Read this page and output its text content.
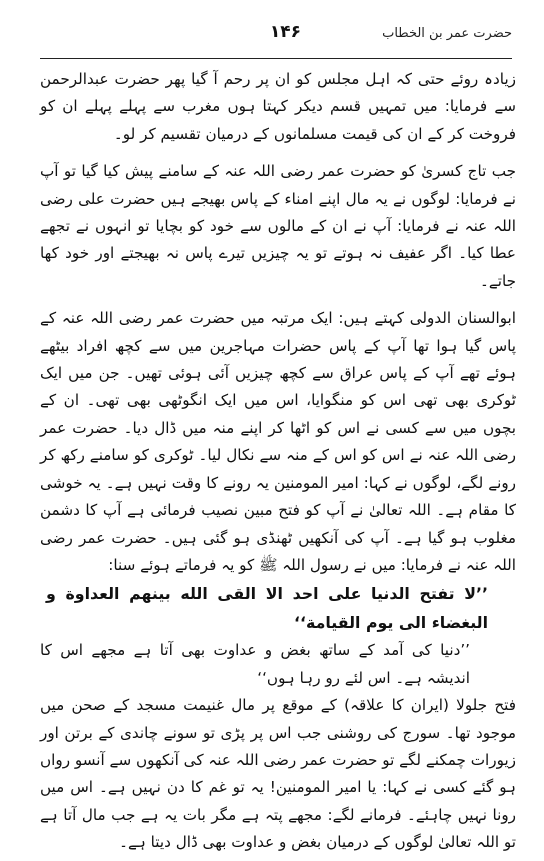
حضرت عمر بن الخطاب
۱۴۶

زیادہ روئے حتی کہ اہل مجلس کو ان پر رحم آ گیا پھر حضرت عبدالرحمن سے فرمایا: میں تمہیں قسم دیکر کہتا ہوں مغرب سے پہلے پہلے ان کو فروخت کر کے ان کی قیمت مسلمانوں کے درمیان تقسیم کر لو۔

جب تاج کسریٰ کو حضرت عمر رضی اللہ عنہ کے سامنے پیش کیا گیا تو آپ نے فرمایا: لوگوں نے یہ مال اپنے امناء کے پاس بھیجے ہیں حضرت علی رضی اللہ عنہ نے فرمایا: آپ نے ان کے مالوں سے خود کو بچایا تو انہوں نے تجھے عطا کیا۔ اگر عفیف نہ ہوتے تو یہ چیزیں تیرے پاس نہ بھیجتے اور خود کھا جاتے۔

ابوالسنان الدولی کہتے ہیں: ایک مرتبہ میں حضرت عمر رضی اللہ عنہ کے پاس گیا ہوا تھا آپ کے پاس حضرات مہاجرین میں سے کچھ افراد بیٹھے ہوئے تھے آپ کے پاس عراق سے کچھ چیزیں آئی ہوئی تھیں۔ جن میں ایک ٹوکری بھی تھی اس کو منگوایا، اس میں ایک انگوٹھی بھی تھی۔ ان کے بچوں میں سے کسی نے اس کو اٹھا کر اپنے منہ میں ڈال دیا۔ حضرت عمر رضی اللہ عنہ نے اس کو اس کے منہ سے نکال لیا۔ ٹوکری کو سامنے رکھ کر رونے لگے، لوگوں نے کہا: امیر المومنین یہ رونے کا وقت نہیں ہے۔ یہ خوشی کا مقام ہے۔ اللہ تعالیٰ نے آپ کو فتح مبین نصیب فرمائی ہے آپ کا دشمن مغلوب ہو گیا ہے۔ آپ کی آنکھیں ٹھنڈی ہو گئی ہیں۔ حضرت عمر رضی اللہ عنہ نے فرمایا: میں نے رسول اللہ ﷺ کو یہ فرماتے ہوئے سنا:

’’لا تفتح الدنيا على احد الا القى الله بينهم العداوة و البغضاء الى يوم القيامة‘‘

’’دنیا کی آمد کے ساتھ بغض و عداوت بھی آتا ہے مجھے اس کا اندیشہ ہے۔ اس لئے رو رہا ہوں‘‘

فتح جلولا (ایران کا علاقہ) کے موقع پر مال غنیمت مسجد کے صحن میں موجود تھا۔ سورج کی روشنی جب اس پر پڑی تو سونے چاندی کے برتن اور زیورات چمکنے لگے تو حضرت عمر رضی اللہ عنہ کی آنکھوں سے آنسو رواں ہو گئے کسی نے کہا: یا امیر المومنین! یہ تو غم کا دن نہیں ہے۔ اس میں رونا نہیں چاہئے۔ فرمانے لگے: مجھے پتہ ہے مگر بات یہ ہے جب مال آتا ہے تو اللہ تعالیٰ لوگوں کے درمیان بغض و عداوت بھی ڈال دیتا ہے۔
